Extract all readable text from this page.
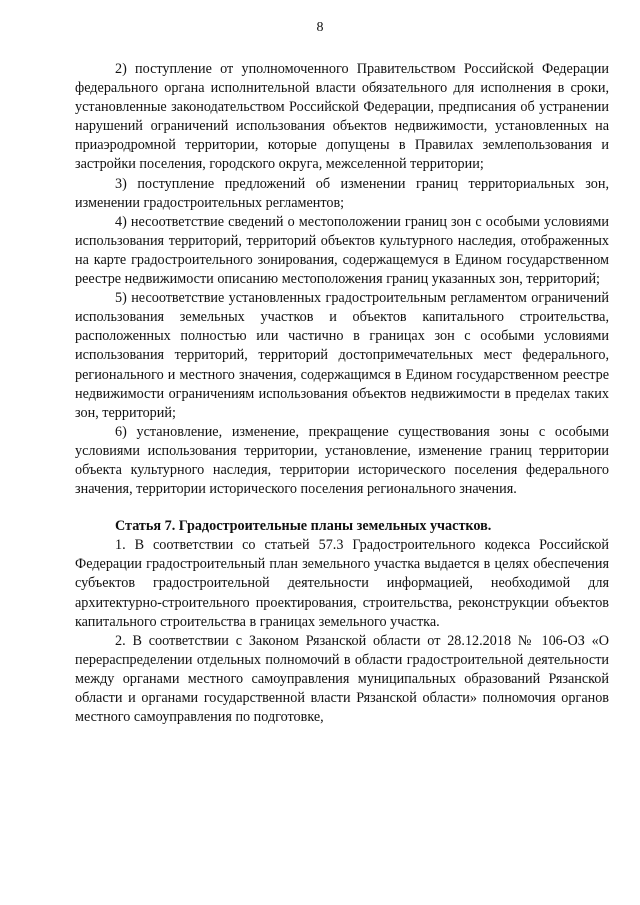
8

2) поступление от уполномоченного Правительством Российской Федерации федерального органа исполнительной власти обязательного для исполнения в сроки, установленные законодательством Российской Федерации, предписания об устранении нарушений ограничений использования объектов недвижимости, установленных на приаэродромной территории, которые допущены в Правилах землепользования и застройки поселения, городского округа, межселенной территории;

3) поступление предложений об изменении границ территориальных зон, изменении градостроительных регламентов;

4) несоответствие сведений о местоположении границ зон с особыми условиями использования территорий, территорий объектов культурного наследия, отображенных на карте градостроительного зонирования, содержащемуся в Едином государственном реестре недвижимости описанию местоположения границ указанных зон, территорий;

5) несоответствие установленных градостроительным регламентом ограничений использования земельных участков и объектов капитального строительства, расположенных полностью или частично в границах зон с особыми условиями использования территорий, территорий достопримечательных мест федерального, регионального и местного значения, содержащимся в Едином государственном реестре недвижимости ограничениям использования объектов недвижимости в пределах таких зон, территорий;

6) установление, изменение, прекращение существования зоны с особыми условиями использования территории, установление, изменение границ территории объекта культурного наследия, территории исторического поселения федерального значения, территории исторического поселения регионального значения.

Статья 7. Градостроительные планы земельных участков.

1. В соответствии со статьей 57.3 Градостроительного кодекса Российской Федерации градостроительный план земельного участка выдается в целях обеспечения субъектов градостроительной деятельности информацией, необходимой для архитектурно-строительного проектирования, строительства, реконструкции объектов капитального строительства в границах земельного участка.

2. В соответствии с Законом Рязанской области от 28.12.2018 № 106-ОЗ «О перераспределении отдельных полномочий в области градостроительной деятельности между органами местного самоуправления муниципальных образований Рязанской области и органами государственной власти Рязанской области» полномочия органов местного самоуправления по подготовке,
